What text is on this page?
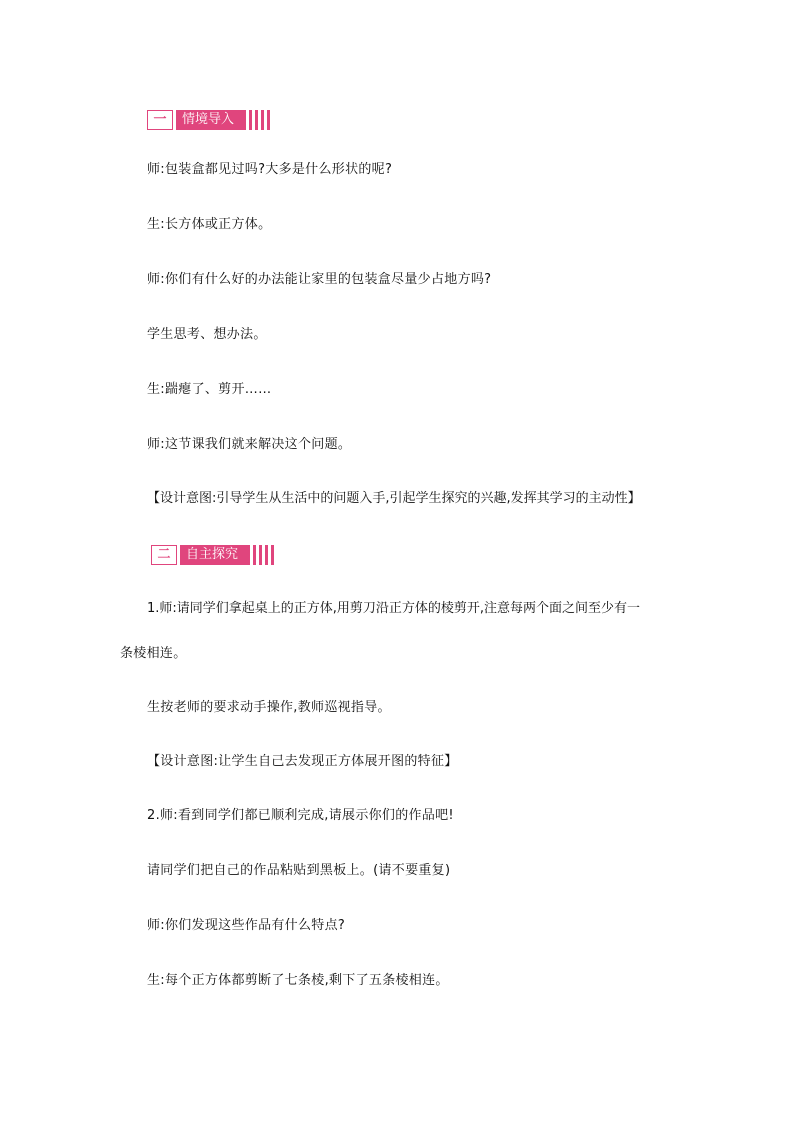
一	情境导入
师:包装盒都见过吗?大多是什么形状的呢?
生:长方体或正方体。
师:你们有什么好的办法能让家里的包装盒尽量少占地方吗?
学生思考、想办法。
生:踹瘪了、剪开……
师:这节课我们就来解决这个问题。
【设计意图:引导学生从生活中的问题入手,引起学生探究的兴趣,发挥其学习的主动性】
二	自主探究
1.师:请同学们拿起桌上的正方体,用剪刀沿正方体的棱剪开,注意每两个面之间至少有一
条棱相连。
生按老师的要求动手操作,教师巡视指导。
【设计意图:让学生自己去发现正方体展开图的特征】
2.师:看到同学们都已顺利完成,请展示你们的作品吧!
请同学们把自己的作品粘贴到黑板上。(请不要重复)
师:你们发现这些作品有什么特点?
生:每个正方体都剪断了七条棱,剩下了五条棱相连。
